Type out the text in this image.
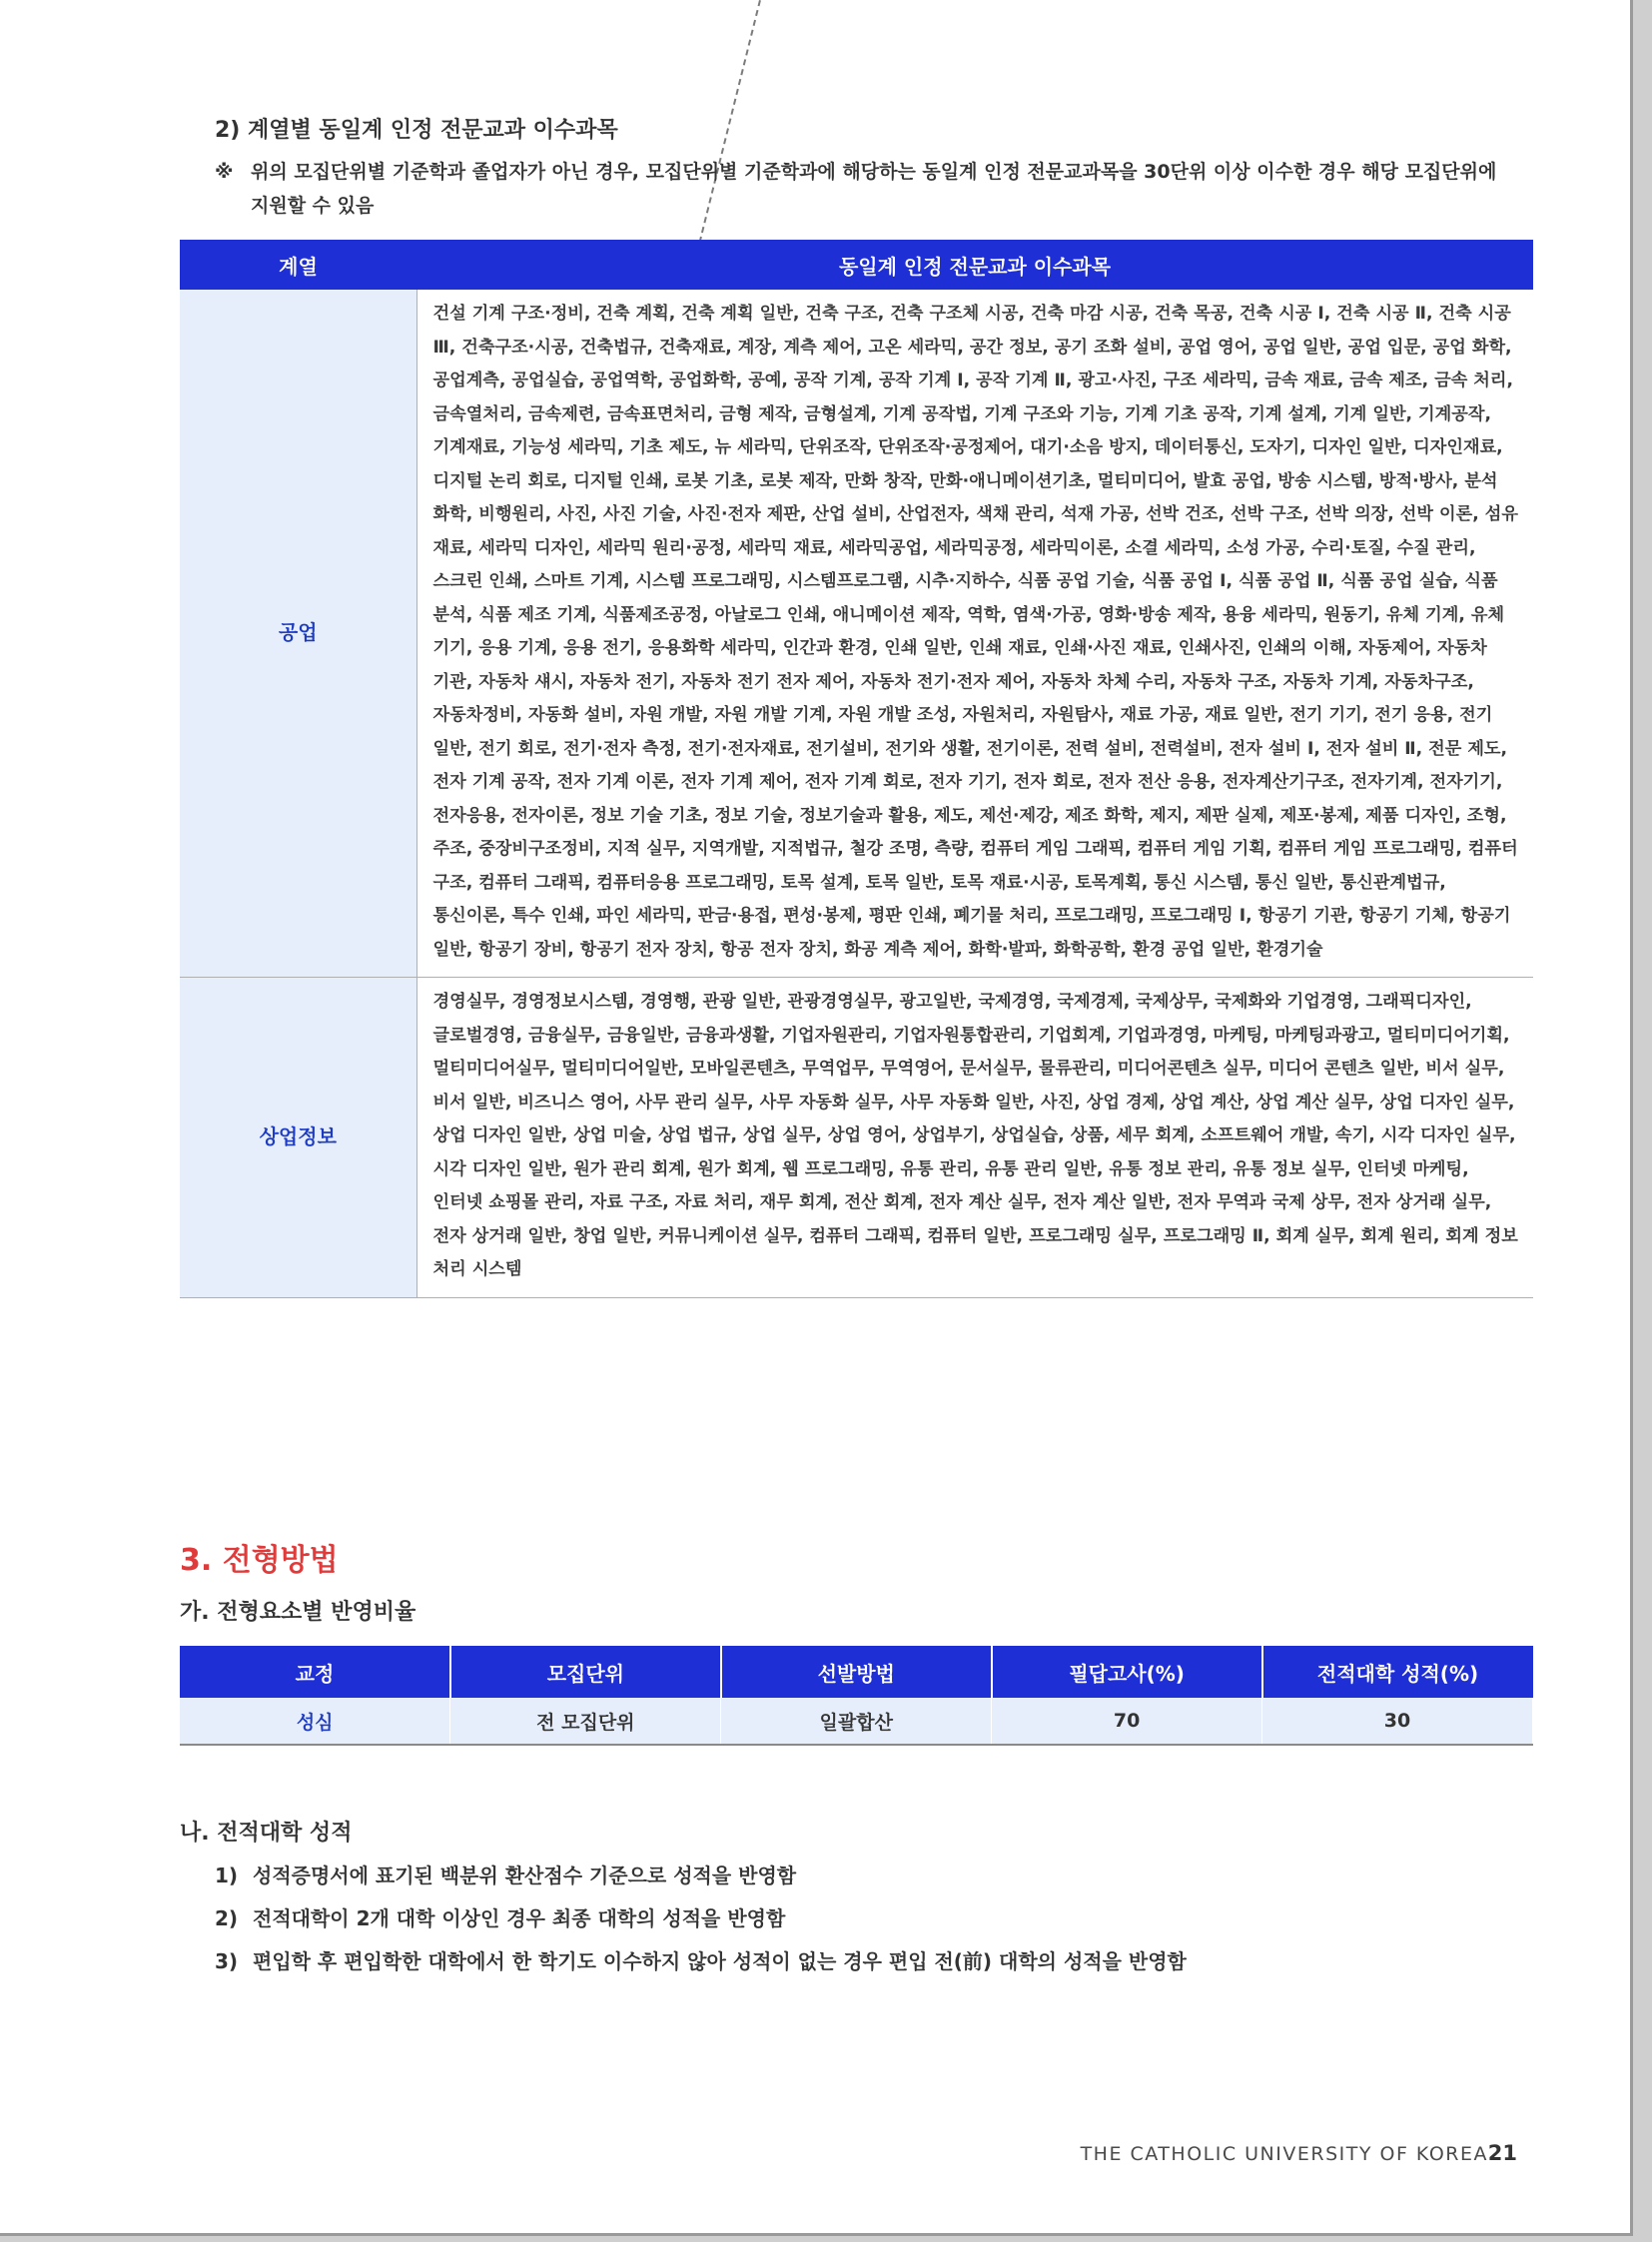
2) 계열별 동일계 인정 전문교과 이수과목
※ 위의 모집단위별 기준학과 졸업자가 아닌 경우, 모집단위별 기준학과에 해당하는 동일계 인정 전문교과목을 30단위 이상 이수한 경우 해당 모집단위에
지원할 수 있음
계열	동일계 인정 전문교과 이수과목
공업	건설 기계 구조·정비, 건축 계획, 건축 계획 일반, 건축 구조, 건축 구조체 시공, 건축 마감 시공, 건축 목공, 건축 시공 Ⅰ, 건축 시공 Ⅱ, 건축 시공 Ⅲ, 건축구조·시공, 건축법규, 건축재료, 계장, 계측 제어, 고온 세라믹, 공간 정보, 공기 조화 설비, 공업 영어, 공업 일반, 공업 입문, 공업 화학, 공업계측, 공업실습, 공업역학, 공업화학, 공예, 공작 기계, 공작 기계 Ⅰ, 공작 기계 Ⅱ, 광고·사진, 구조 세라믹, 금속 재료, 금속 제조, 금속 처리, 금속열처리, 금속제련, 금속표면처리, 금형 제작, 금형설계, 기계 공작법, 기계 구조와 기능, 기계 기초 공작, 기계 설계, 기계 일반, 기계공작, 기계재료, 기능성 세라믹, 기초 제도, 뉴 세라믹, 단위조작, 단위조작·공정제어, 대기·소음 방지, 데이터통신, 도자기, 디자인 일반, 디자인재료, 디지털 논리 회로, 디지털 인쇄, 로봇 기초, 로봇 제작, 만화 창작, 만화·애니메이션기초, 멀티미디어, 발효 공업, 방송 시스템, 방적·방사, 분석 화학, 비행원리, 사진, 사진 기술, 사진·전자 제판, 산업 설비, 산업전자, 색채 관리, 석재 가공, 선박 건조, 선박 구조, 선박 의장, 선박 이론, 섬유 재료, 세라믹 디자인, 세라믹 원리·공정, 세라믹 재료, 세라믹공업, 세라믹공정, 세라믹이론, 소결 세라믹, 소성 가공, 수리·토질, 수질 관리, 스크린 인쇄, 스마트 기계, 시스템 프로그래밍, 시스템프로그램, 시추·지하수, 식품 공업 기술, 식품 공업 Ⅰ, 식품 공업 Ⅱ, 식품 공업 실습, 식품 분석, 식품 제조 기계, 식품제조공정, 아날로그 인쇄, 애니메이션 제작, 역학, 염색·가공, 영화·방송 제작, 용융 세라믹, 원동기, 유체 기계, 유체 기기, 응용 기계, 응용 전기, 응용화학 세라믹, 인간과 환경, 인쇄 일반, 인쇄 재료, 인쇄·사진 재료, 인쇄사진, 인쇄의 이해, 자동제어, 자동차 기관, 자동차 섀시, 자동차 전기, 자동차 전기 전자 제어, 자동차 전기·전자 제어, 자동차 차체 수리, 자동차 구조, 자동차 기계, 자동차구조, 자동차정비, 자동화 설비, 자원 개발, 자원 개발 기계, 자원 개발 조성, 자원처리, 자원탐사, 재료 가공, 재료 일반, 전기 기기, 전기 응용, 전기 일반, 전기 회로, 전기·전자 측정, 전기·전자재료, 전기설비, 전기와 생활, 전기이론, 전력 설비, 전력설비, 전자 설비 Ⅰ, 전자 설비 Ⅱ, 전문 제도, 전자 기계 공작, 전자 기계 이론, 전자 기계 제어, 전자 기계 회로, 전자 기기, 전자 회로, 전자 전산 응용, 전자계산기구조, 전자기계, 전자기기, 전자응용, 전자이론, 정보 기술 기초, 정보 기술, 정보기술과 활용, 제도, 제선·제강, 제조 화학, 제지, 제판 실제, 제포·봉제, 제품 디자인, 조형, 주조, 중장비구조정비, 지적 실무, 지역개발, 지적법규, 철강 조명, 측량, 컴퓨터 게임 그래픽, 컴퓨터 게임 기획, 컴퓨터 게임 프로그래밍, 컴퓨터 구조, 컴퓨터 그래픽, 컴퓨터응용 프로그래밍, 토목 설계, 토목 일반, 토목 재료·시공, 토목계획, 통신 시스템, 통신 일반, 통신관계법규, 통신이론, 특수 인쇄, 파인 세라믹, 판금·용접, 편성·봉제, 평판 인쇄, 폐기물 처리, 프로그래밍, 프로그래밍 Ⅰ, 항공기 기관, 항공기 기체, 항공기 일반, 항공기 장비, 항공기 전자 장치, 항공 전자 장치, 화공 계측 제어, 화학·발파, 화학공학, 환경 공업 일반, 환경기술
상업정보	경영실무, 경영정보시스템, 경영행, 관광 일반, 관광경영실무, 광고일반, 국제경영, 국제경제, 국제상무, 국제화와 기업경영, 그래픽디자인, 글로벌경영, 금융실무, 금융일반, 금융과생활, 기업자원관리, 기업자원통합관리, 기업회계, 기업과경영, 마케팅, 마케팅과광고, 멀티미디어기획, 멀티미디어실무, 멀티미디어일반, 모바일콘텐츠, 무역업무, 무역영어, 문서실무, 물류관리, 미디어콘텐츠 실무, 미디어 콘텐츠 일반, 비서 실무, 비서 일반, 비즈니스 영어, 사무 관리 실무, 사무 자동화 실무, 사무 자동화 일반, 사진, 상업 경제, 상업 계산, 상업 계산 실무, 상업 디자인 실무, 상업 디자인 일반, 상업 미술, 상업 법규, 상업 실무, 상업 영어, 상업부기, 상업실습, 상품, 세무 회계, 소프트웨어 개발, 속기, 시각 디자인 실무, 시각 디자인 일반, 원가 관리 회계, 원가 회계, 웹 프로그래밍, 유통 관리, 유통 관리 일반, 유통 정보 관리, 유통 정보 실무, 인터넷 마케팅, 인터넷 쇼핑몰 관리, 자료 구조, 자료 처리, 재무 회계, 전산 회계, 전자 계산 실무, 전자 계산 일반, 전자 무역과 국제 상무, 전자 상거래 실무, 전자 상거래 일반, 창업 일반, 커뮤니케이션 실무, 컴퓨터 그래픽, 컴퓨터 일반, 프로그래밍 실무, 프로그래밍 Ⅱ, 회계 실무, 회계 원리, 회계 정보 처리 시스템
3. 전형방법
가. 전형요소별 반영비율
교정	모집단위	선발방법	필답고사(%)	전적대학 성적(%)
성심	전 모집단위	일괄합산	70	30
나. 전적대학 성적
1) 성적증명서에 표기된 백분위 환산점수 기준으로 성적을 반영함
2) 전적대학이 2개 대학 이상인 경우 최종 대학의 성적을 반영함
3) 편입학 후 편입학한 대학에서 한 학기도 이수하지 않아 성적이 없는 경우 편입 전(前) 대학의 성적을 반영함
THE CATHOLIC UNIVERSITY OF KOREA 21
